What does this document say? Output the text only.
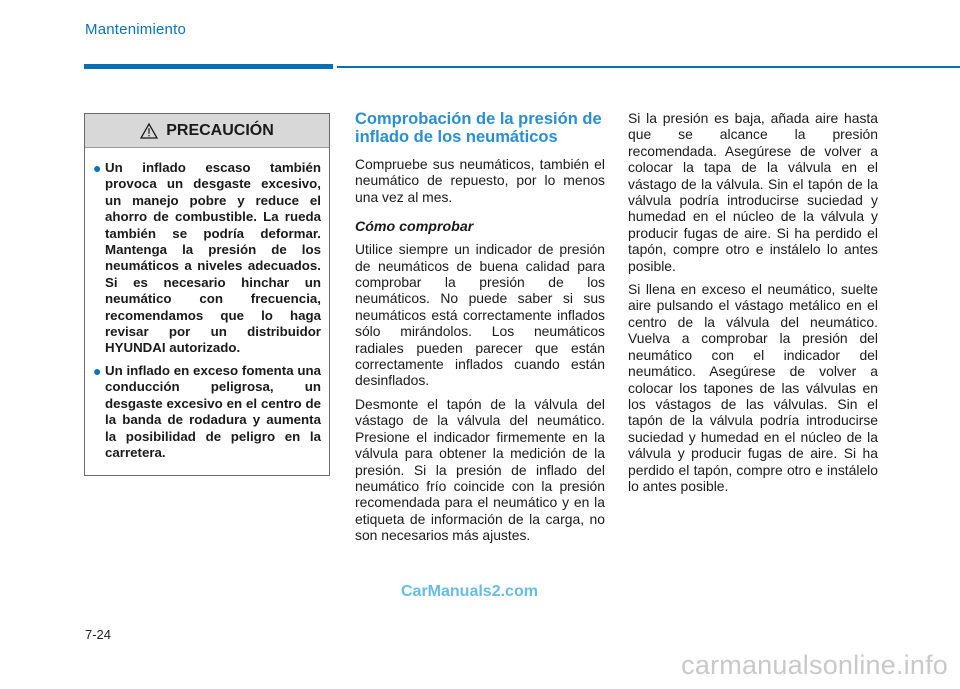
Mantenimiento
PRECAUCIÓN
● Un inflado escaso también provoca un desgaste excesivo, un manejo pobre y reduce el ahorro de combustible. La rueda también se podría deformar. Mantenga la presión de los neumáticos a niveles adecuados. Si es necesario hinchar un neumático con frecuencia, recomendamos que lo haga revisar por un distribuidor HYUNDAI autorizado.
● Un inflado en exceso fomenta una conducción peligrosa, un desgaste excesivo en el centro de la banda de rodadura y aumenta la posibilidad de peligro en la carretera.
Comprobación de la presión de inflado de los neumáticos

Compruebe sus neumáticos, también el neumático de repuesto, por lo menos una vez al mes.

Cómo comprobar

Utilice siempre un indicador de presión de neumáticos de buena calidad para comprobar la presión de los neumáticos. No puede saber si sus neumáticos está correctamente inflados sólo mirándolos. Los neumáticos radiales pueden parecer que están correctamente inflados cuando están desinflados.

Desmonte el tapón de la válvula del vástago de la válvula del neumático. Presione el indicador firmemente en la válvula para obtener la medición de la presión. Si la presión de inflado del neumático frío coincide con la presión recomendada para el neumático y en la etiqueta de información de la carga, no son necesarios más ajustes.

Si la presión es baja, añada aire hasta que se alcance la presión recomendada. Asegúrese de volver a colocar la tapa de la válvula en el vástago de la válvula. Sin el tapón de la válvula podría introducirse suciedad y humedad en el núcleo de la válvula y producir fugas de aire. Si ha perdido el tapón, compre otro e instálelo lo antes posible.

Si llena en exceso el neumático, suelte aire pulsando el vástago metálico en el centro de la válvula del neumático. Vuelva a comprobar la presión del neumático con el indicador del neumático. Asegúrese de volver a colocar los tapones de las válvulas en los vástagos de las válvulas. Sin el tapón de la válvula podría introducirse suciedad y humedad en el núcleo de la válvula y producir fugas de aire. Si ha perdido el tapón, compre otro e instálelo lo antes posible.

CarManuals2.com
7-24
carmanualsonline.info
